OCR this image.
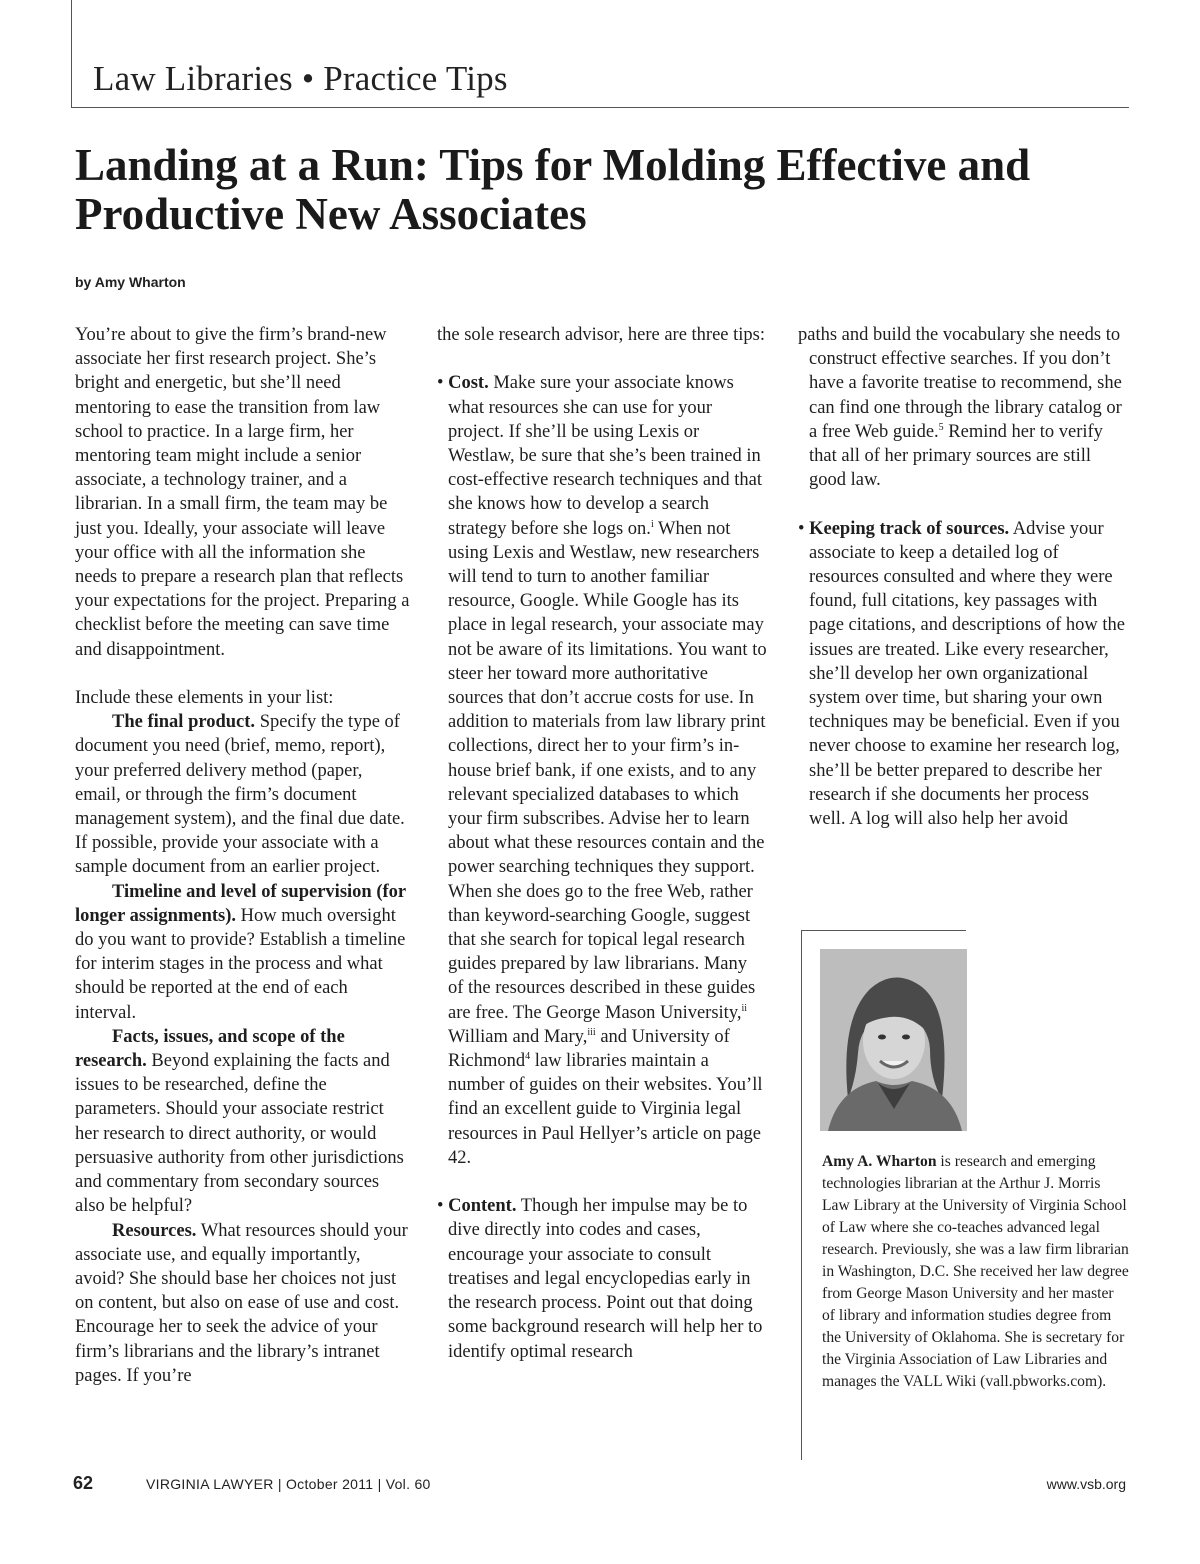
Law Libraries • Practice Tips
Landing at a Run: Tips for Molding Effective and Productive New Associates

by Amy Wharton

You’re about to give the firm’s brand-new associate her first research project. She’s bright and energetic, but she’ll need mentoring to ease the transition from law school to practice. In a large firm, her mentoring team might include a senior associate, a technology trainer, and a librarian. In a small firm, the team may be just you. Ideally, your associate will leave your office with all the information she needs to prepare a research plan that reflects your expectations for the project. Preparing a checklist before the meeting can save time and disappointment.

Include these elements in your list:

The final product. Specify the type of document you need (brief, memo, report), your preferred delivery method (paper, email, or through the firm’s document management system), and the final due date. If possible, provide your associate with a sample document from an earlier project.

Timeline and level of supervision (for longer assignments). How much oversight do you want to provide? Establish a timeline for interim stages in the process and what should be reported at the end of each interval.

Facts, issues, and scope of the research. Beyond explaining the facts and issues to be researched, define the parameters. Should your associate restrict her research to direct authority, or would persuasive authority from other jurisdictions and commentary from secondary sources also be helpful?

Resources. What resources should your associate use, and equally importantly, avoid? She should base her choices not just on content, but also on ease of use and cost. Encourage her to seek the advice of your firm’s librarians and the library’s intranet pages. If you’re

the sole research advisor, here are three tips:

• Cost. Make sure your associate knows what resources she can use for your project. If she’ll be using Lexis or Westlaw, be sure that she’s been trained in cost-effective research techniques and that she knows how to develop a search strategy before she logs on.$^i$ When not using Lexis and Westlaw, new researchers will tend to turn to another familiar resource, Google. While Google has its place in legal research, your associate may not be aware of its limitations. You want to steer her toward more authoritative sources that don’t accrue costs for use. In addition to materials from law library print collections, direct her to your firm’s in-house brief bank, if one exists, and to any relevant specialized databases to which your firm subscribes. Advise her to learn about what these resources contain and the power searching techniques they support. When she does go to the free Web, rather than keyword-searching Google, suggest that she search for topical legal research guides prepared by law librarians. Many of the resources described in these guides are free. The George Mason University,$^{ii}$ William and Mary,$^{iii}$ and University of Richmond$^4$ law libraries maintain a number of guides on their websites. You’ll find an excellent guide to Virginia legal resources in Paul Hellyer’s article on page 42.

• Content. Though her impulse may be to dive directly into codes and cases, encourage your associate to consult treatises and legal encyclopedias early in the research process. Point out that doing some background research will help her to identify optimal research

paths and build the vocabulary she needs to construct effective searches. If you don’t have a favorite treatise to recommend, she can find one through the library catalog or a free Web guide.$^5$ Remind her to verify that all of her primary sources are still good law.

• Keeping track of sources. Advise your associate to keep a detailed log of resources consulted and where they were found, full citations, key passages with page citations, and descriptions of how the issues are treated. Like every researcher, she’ll develop her own organizational system over time, but sharing your own techniques may be beneficial. Even if you never choose to examine her research log, she’ll be better prepared to describe her research if she documents her process well. A log will also help her avoid

Amy A. Wharton is research and emerging technologies librarian at the Arthur J. Morris Law Library at the University of Virginia School of Law where she co-teaches advanced legal research. Previously, she was a law firm librarian in Washington, D.C. She received her law degree from George Mason University and her master of library and information studies degree from the University of Oklahoma. She is secretary for the Virginia Association of Law Libraries and manages the VALL Wiki (vall.pbworks.com).

62	VIRGINIA LAWYER | October 2011 | Vol. 60	www.vsb.org
